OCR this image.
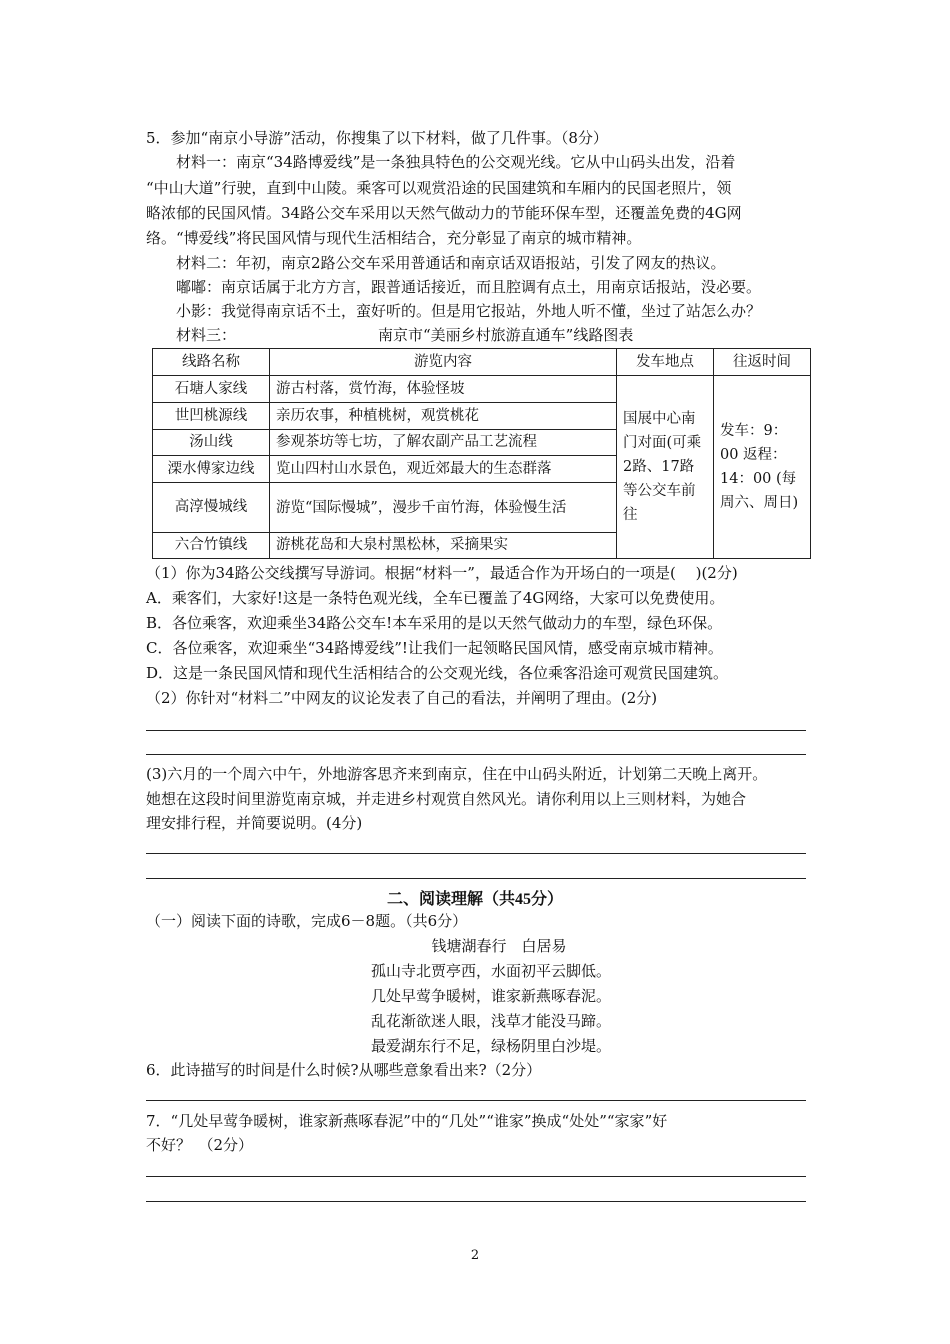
5．参加“南京小导游”活动，你搜集了以下材料，做了几件事。（8分）
材料一：南京“34路博爱线”是一条独具特色的公交观光线。它从中山码头出发，沿着
“中山大道”行驶，直到中山陵。乘客可以观赏沿途的民国建筑和车厢内的民国老照片，领
略浓郁的民国风情。34路公交车采用以天然气做动力的节能环保车型，还覆盖免费的4G网
络。“博爱线”将民国风情与现代生活相结合，充分彰显了南京的城市精神。
材料二：年初，南京2路公交车采用普通话和南京话双语报站，引发了网友的热议。
嘟嘟：南京话属于北方方言，跟普通话接近，而且腔调有点土，用南京话报站，没必要。
小影：我觉得南京话不土，蛮好听的。但是用它报站，外地人听不懂，坐过了站怎么办？
材料三：	南京市“美丽乡村旅游直通车”线路图表
线路名称	游览内容	发车地点	往返时间
石塘人家线	游古村落，赏竹海，体验怪坡	国展中心南门对面(可乘2路、17路等公交车前往	发车：9：00 返程：14：00 (每周六、周日)
世凹桃源线	亲历农事，种植桃树，观赏桃花		
汤山线	参观茶坊等七坊，了解农副产品工艺流程		
溧水傅家边线	览山四村山水景色，观近郊最大的生态群落		
高淳慢城线	游览“国际慢城”，漫步千亩竹海，体验慢生活		
六合竹镇线	游桃花岛和大泉村黑松林，采摘果实		
（1）你为34路公交线撰写导游词。根据“材料一”，最适合作为开场白的一项是(　 )(2分)
A．乘客们，大家好!这是一条特色观光线，全车已覆盖了4G网络，大家可以免费使用。
B．各位乘客，欢迎乘坐34路公交车!本车采用的是以天然气做动力的车型，绿色环保。
C．各位乘客，欢迎乘坐“34路博爱线”!让我们一起领略民国风情，感受南京城市精神。
D．这是一条民国风情和现代生活相结合的公交观光线，各位乘客沿途可观赏民国建筑。
（2）你针对“材料二”中网友的议论发表了自己的看法，并阐明了理由。(2分)
(3)六月的一个周六中午，外地游客思齐来到南京，住在中山码头附近，计划第二天晚上离开。
她想在这段时间里游览南京城，并走进乡村观赏自然风光。请你利用以上三则材料，为她合
理安排行程，并简要说明。(4分)
二、阅读理解（共45分）
（一）阅读下面的诗歌，完成6－8题。（共6分）
钱塘湖春行　白居易
孤山寺北贾亭西，水面初平云脚低。
几处早莺争暖树，谁家新燕啄春泥。
乱花渐欲迷人眼，浅草才能没马蹄。
最爱湖东行不足，绿杨阴里白沙堤。
6．此诗描写的时间是什么时候?从哪些意象看出来?（2分）
7．“几处早莺争暖树，谁家新燕啄春泥”中的“几处”“谁家”换成“处处”“家家”好
不好？　（2分）
2
